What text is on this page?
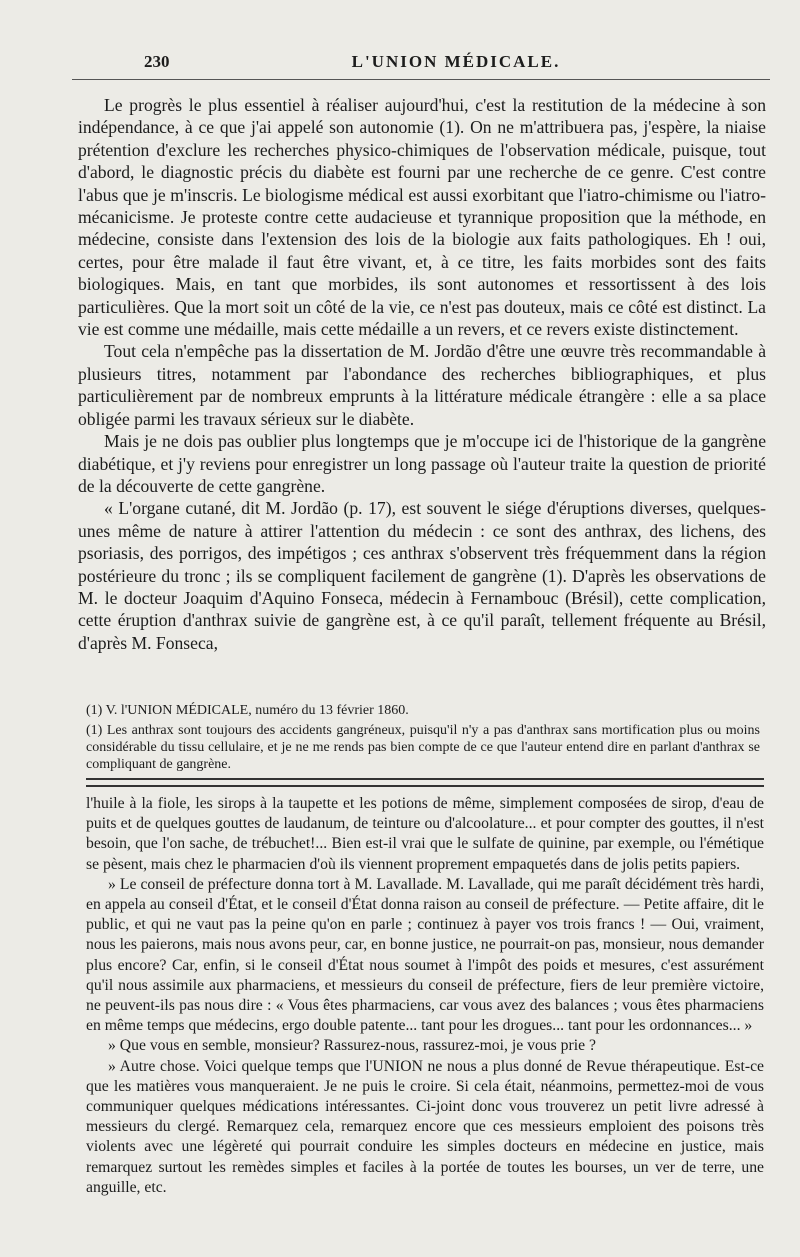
230	L'UNION MÉDICALE.

Le progrès le plus essentiel à réaliser aujourd'hui, c'est la restitution de la médecine à son indépendance, à ce que j'ai appelé son autonomie (1). On ne m'attribuera pas, j'espère, la niaise prétention d'exclure les recherches physico-chimiques de l'observation médicale, puisque, tout d'abord, le diagnostic précis du diabète est fourni par une recherche de ce genre. C'est contre l'abus que je m'inscris. Le biologisme médical est aussi exorbitant que l'iatro-chimisme ou l'iatro-mécanicisme. Je proteste contre cette audacieuse et tyrannique proposition que la méthode, en médecine, consiste dans l'extension des lois de la biologie aux faits pathologiques. Eh ! oui, certes, pour être malade il faut être vivant, et, à ce titre, les faits morbides sont des faits biologiques. Mais, en tant que morbides, ils sont autonomes et ressortissent à des lois particulières. Que la mort soit un côté de la vie, ce n'est pas douteux, mais ce côté est distinct. La vie est comme une médaille, mais cette médaille a un revers, et ce revers existe distinctement.

Tout cela n'empêche pas la dissertation de M. Jordão d'être une œuvre très recommandable à plusieurs titres, notamment par l'abondance des recherches bibliographiques, et plus particulièrement par de nombreux emprunts à la littérature médicale étrangère : elle a sa place obligée parmi les travaux sérieux sur le diabète.

Mais je ne dois pas oublier plus longtemps que je m'occupe ici de l'historique de la gangrène diabétique, et j'y reviens pour enregistrer un long passage où l'auteur traite la question de priorité de la découverte de cette gangrène.

« L'organe cutané, dit M. Jordão (p. 17), est souvent le siége d'éruptions diverses, quelques-unes même de nature à attirer l'attention du médecin : ce sont des anthrax, des lichens, des psoriasis, des porrigos, des impétigos ; ces anthrax s'observent très fréquemment dans la région postérieure du tronc ; ils se compliquent facilement de gangrène (1). D'après les observations de M. le docteur Joaquim d'Aquino Fonseca, médecin à Fernambouc (Brésil), cette complication, cette éruption d'anthrax suivie de gangrène est, à ce qu'il paraît, tellement fréquente au Brésil, d'après M. Fonseca,

(1) V. l'UNION MÉDICALE, numéro du 13 février 1860.

(1) Les anthrax sont toujours des accidents gangréneux, puisqu'il n'y a pas d'anthrax sans mortification plus ou moins considérable du tissu cellulaire, et je ne me rends pas bien compte de ce que l'auteur entend dire en parlant d'anthrax se compliquant de gangrène.

l'huile à la fiole, les sirops à la taupette et les potions de même, simplement composées de sirop, d'eau de puits et de quelques gouttes de laudanum, de teinture ou d'alcoolature... et pour compter des gouttes, il n'est besoin, que l'on sache, de trébuchet!... Bien est-il vrai que le sulfate de quinine, par exemple, ou l'émétique se pèsent, mais chez le pharmacien d'où ils viennent proprement empaquetés dans de jolis petits papiers.

» Le conseil de préfecture donna tort à M. Lavallade. M. Lavallade, qui me paraît décidément très hardi, en appela au conseil d'État, et le conseil d'État donna raison au conseil de préfecture. — Petite affaire, dit le public, et qui ne vaut pas la peine qu'on en parle ; continuez à payer vos trois francs ! — Oui, vraiment, nous les paierons, mais nous avons peur, car, en bonne justice, ne pourrait-on pas, monsieur, nous demander plus encore? Car, enfin, si le conseil d'État nous soumet à l'impôt des poids et mesures, c'est assurément qu'il nous assimile aux pharmaciens, et messieurs du conseil de préfecture, fiers de leur première victoire, ne peuvent-ils pas nous dire : « Vous êtes pharmaciens, car vous avez des balances ; vous êtes pharmaciens en même temps que médecins, ergo double patente... tant pour les drogues... tant pour les ordonnances... »

» Que vous en semble, monsieur? Rassurez-nous, rassurez-moi, je vous prie ?

» Autre chose. Voici quelque temps que l'UNION ne nous a plus donné de Revue thérapeutique. Est-ce que les matières vous manqueraient. Je ne puis le croire. Si cela était, néanmoins, permettez-moi de vous communiquer quelques médications intéressantes. Ci-joint donc vous trouverez un petit livre adressé à messieurs du clergé. Remarquez cela, remarquez encore que ces messieurs emploient des poisons très violents avec une légèreté qui pourrait conduire les simples docteurs en médecine en justice, mais remarquez surtout les remèdes simples et faciles à la portée de toutes les bourses, un ver de terre, une anguille, etc.
